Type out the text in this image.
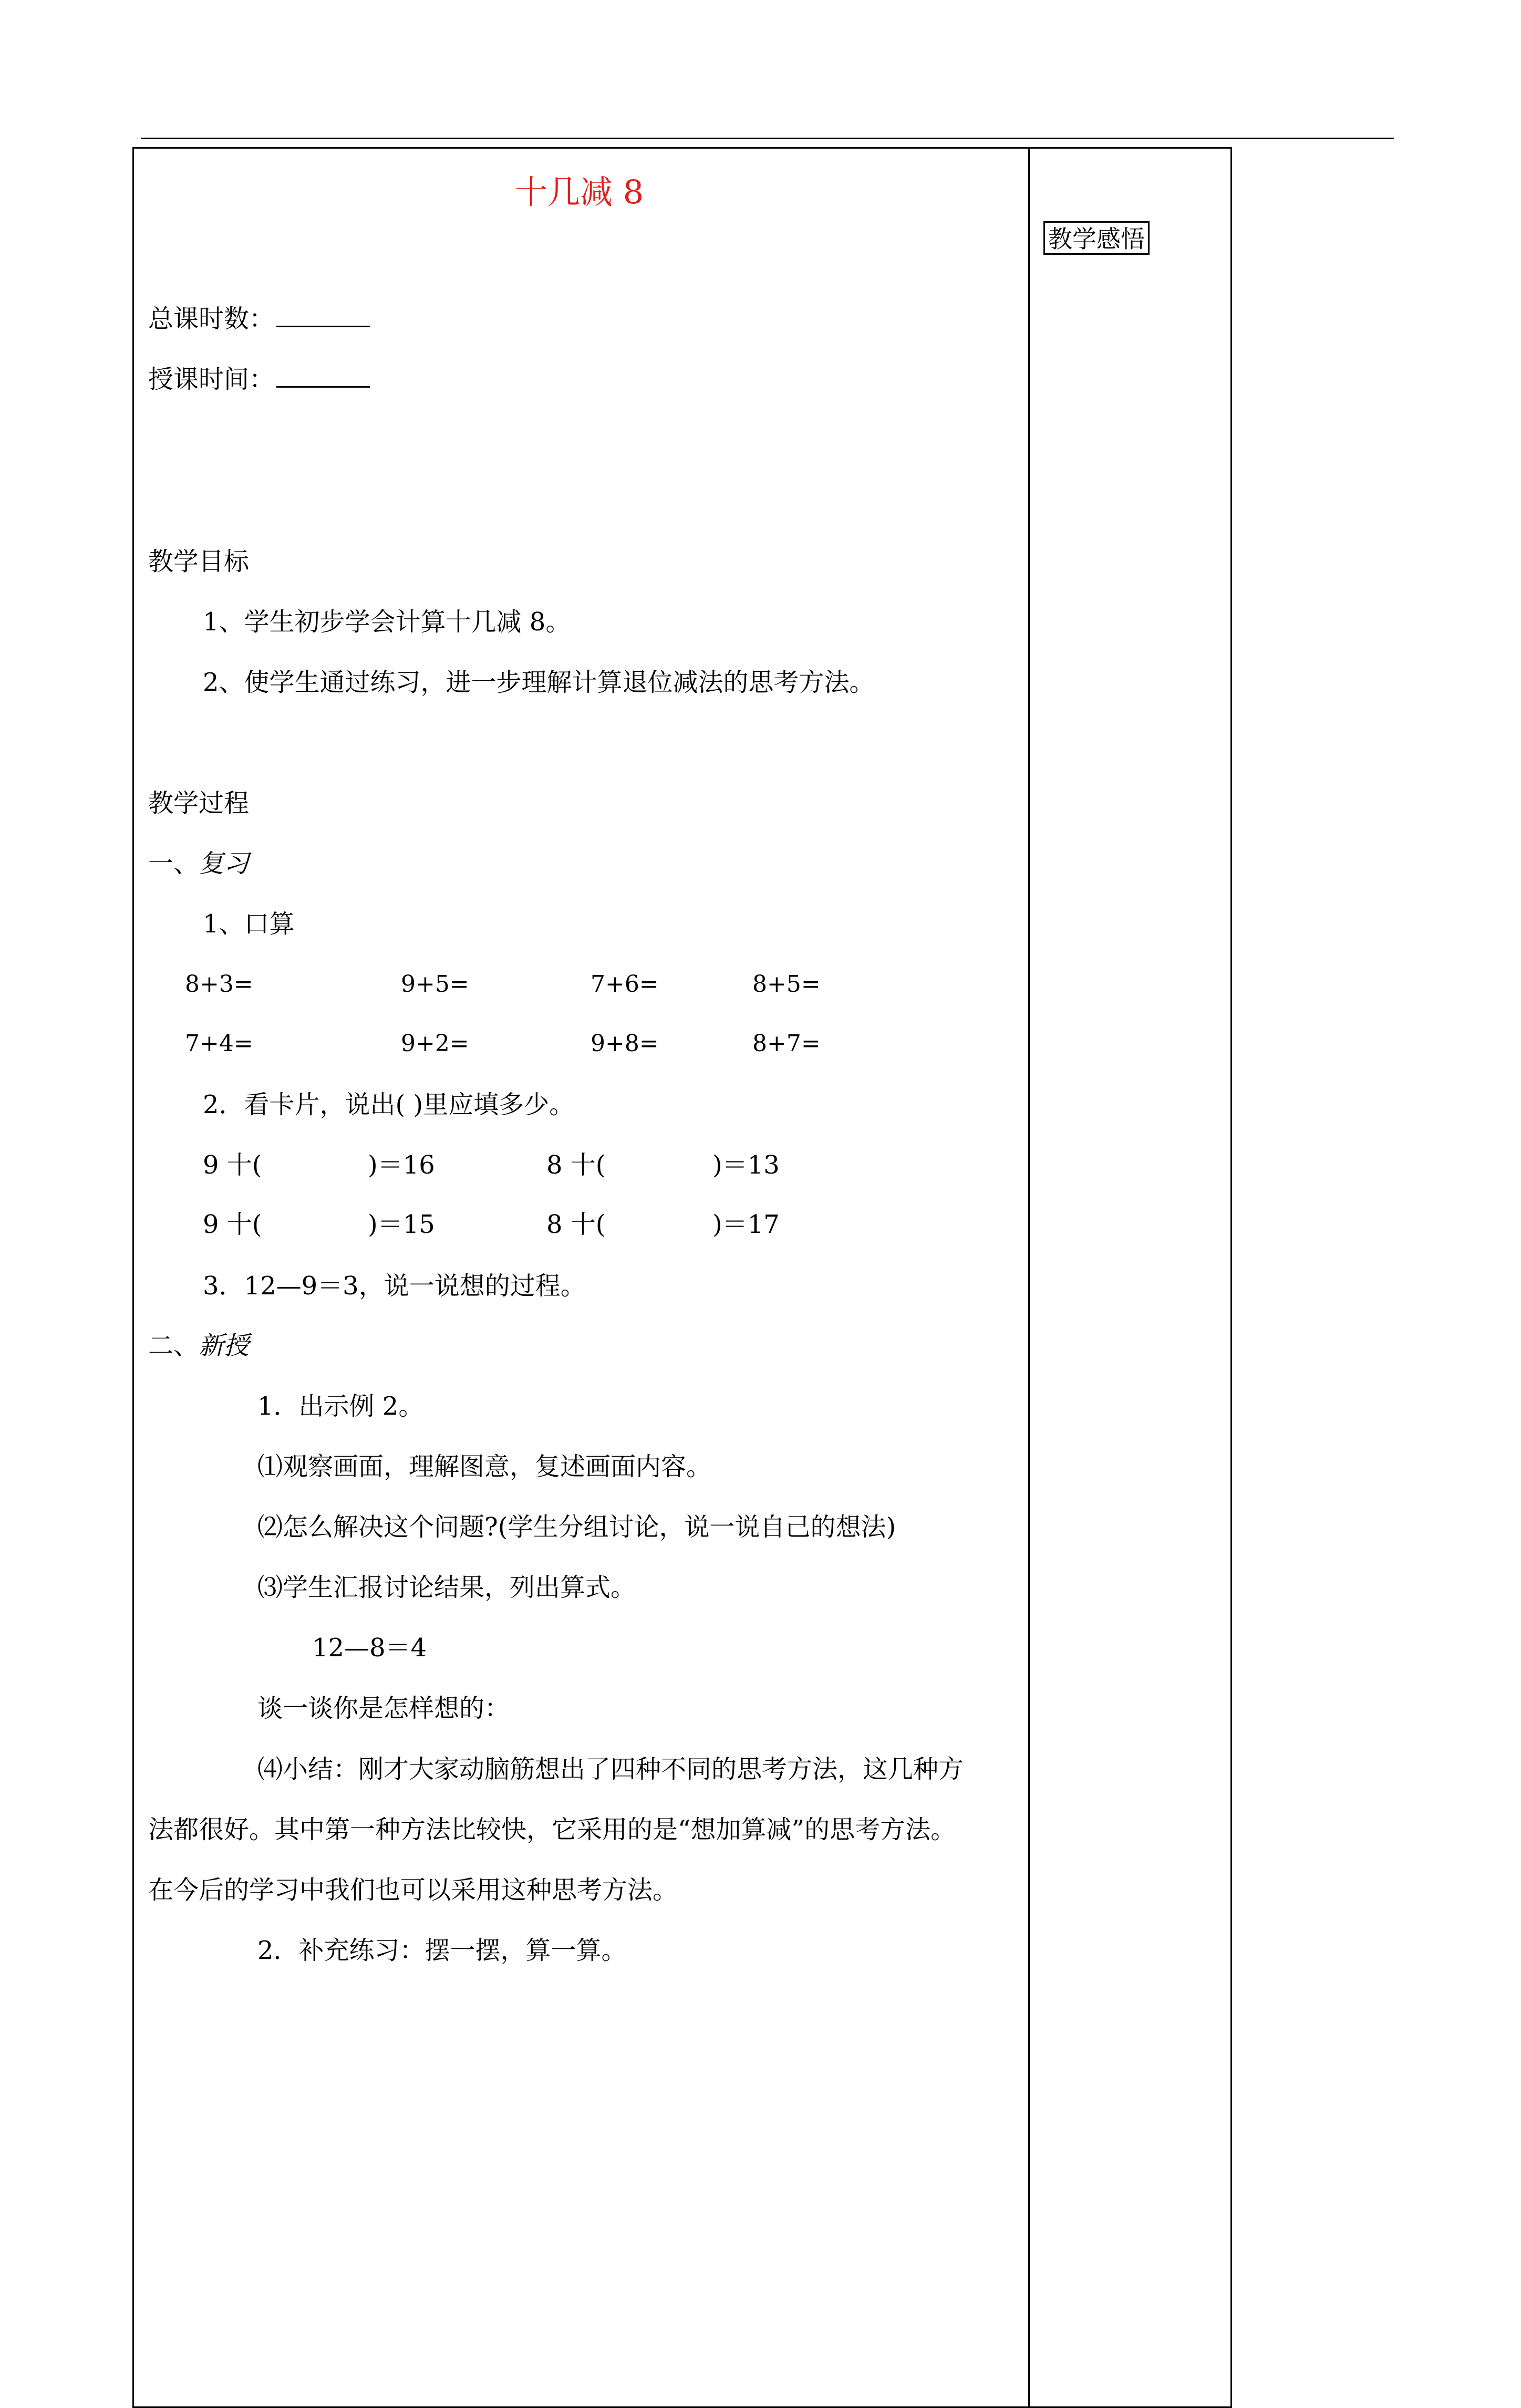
教学感悟
十几减 8
总课时数：
授课时间：
教学目标
1、学生初步学会计算十几减 8。
2、使学生通过练习，进一步理解计算退位减法的思考方法。
教学过程
一、复习
1、口算
8+3=	9+5=	7+6=	8+5=
7+4=	9+2=	9+8=	8+7=
2．看卡片，说出( )里应填多少。
9 十(	)＝16	8 十(	)＝13
9 十(	)＝15	8 十(	)＝17
3．12—9＝3，说一说想的过程。
二、新授
1．出示例 2。
⑴观察画面，理解图意，复述画面内容。
⑵怎么解决这个问题?(学生分组讨论，说一说自己的想法)
⑶学生汇报讨论结果，列出算式。
12—8＝4
谈一谈你是怎样想的：
⑷小结：刚才大家动脑筋想出了四种不同的思考方法，这几种方
法都很好。其中第一种方法比较快，它采用的是“想加算减”的思考方法。
在今后的学习中我们也可以采用这种思考方法。
2．补充练习：摆一摆，算一算。
